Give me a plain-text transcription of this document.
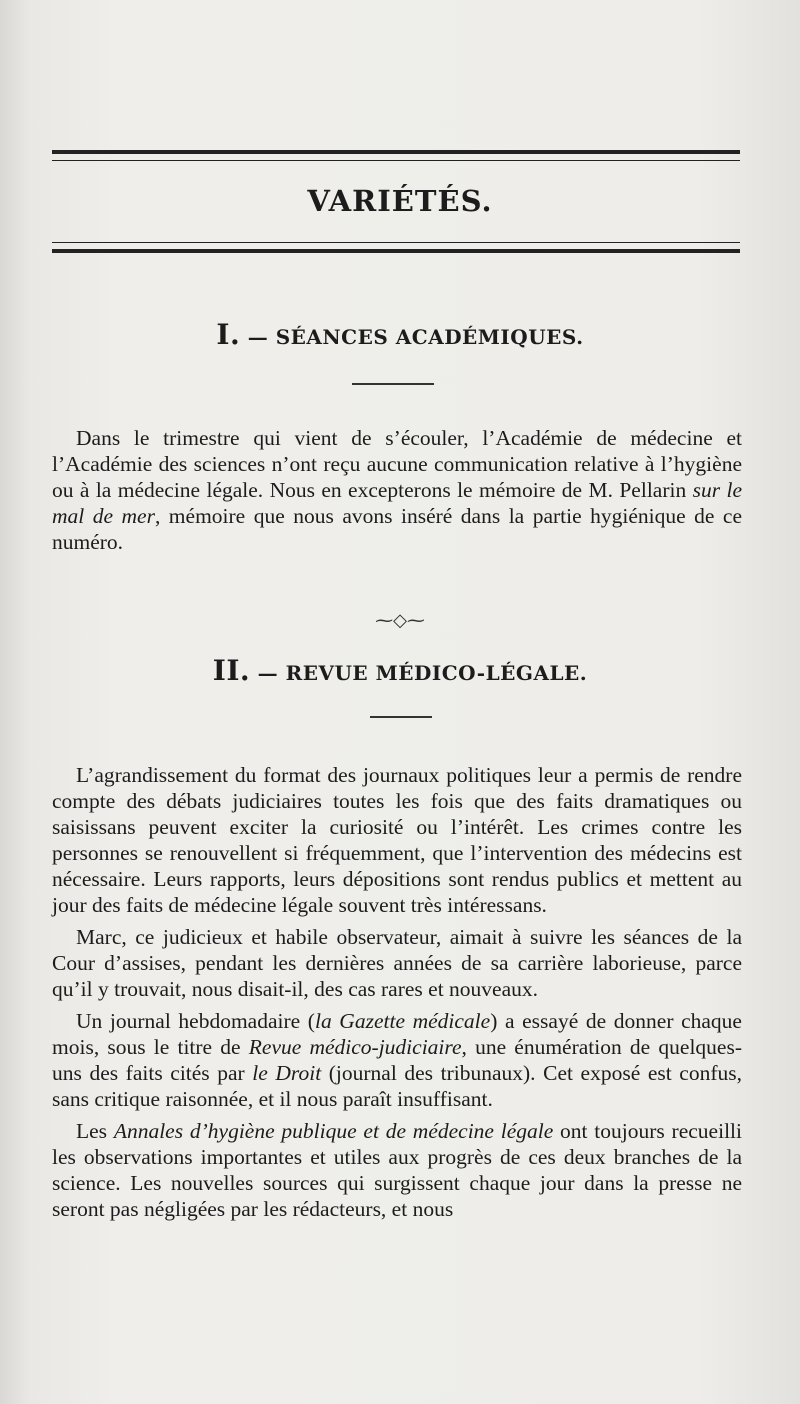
VARIÉTÉS.
I. — SÉANCES ACADÉMIQUES.

Dans le trimestre qui vient de s’écouler, l’Académie de médecine et l’Académie des sciences n’ont reçu aucune communication relative à l’hygiène ou à la médecine légale. Nous en excepterons le mémoire de M. Pellarin sur le mal de mer, mémoire que nous avons inséré dans la partie hygiénique de ce numéro.

⁓◇⁓
II. — REVUE MÉDICO-LÉGALE.

L’agrandissement du format des journaux politiques leur a permis de rendre compte des débats judiciaires toutes les fois que des faits dramatiques ou saisissans peuvent exciter la curiosité ou l’intérêt. Les crimes contre les personnes se renouvellent si fréquemment, que l’intervention des médecins est nécessaire. Leurs rapports, leurs dépositions sont rendus publics et mettent au jour des faits de médecine légale souvent très intéressans.

Marc, ce judicieux et habile observateur, aimait à suivre les séances de la Cour d’assises, pendant les dernières années de sa carrière laborieuse, parce qu’il y trouvait, nous disait-il, des cas rares et nouveaux.

Un journal hebdomadaire (la Gazette médicale) a essayé de donner chaque mois, sous le titre de Revue médico-judiciaire, une énumération de quelques-uns des faits cités par le Droit (journal des tribunaux). Cet exposé est confus, sans critique raisonnée, et il nous paraît insuffisant.

Les Annales d’hygiène publique et de médecine légale ont toujours recueilli les observations importantes et utiles aux progrès de ces deux branches de la science. Les nouvelles sources qui surgissent chaque jour dans la presse ne seront pas négligées par les rédacteurs, et nous
